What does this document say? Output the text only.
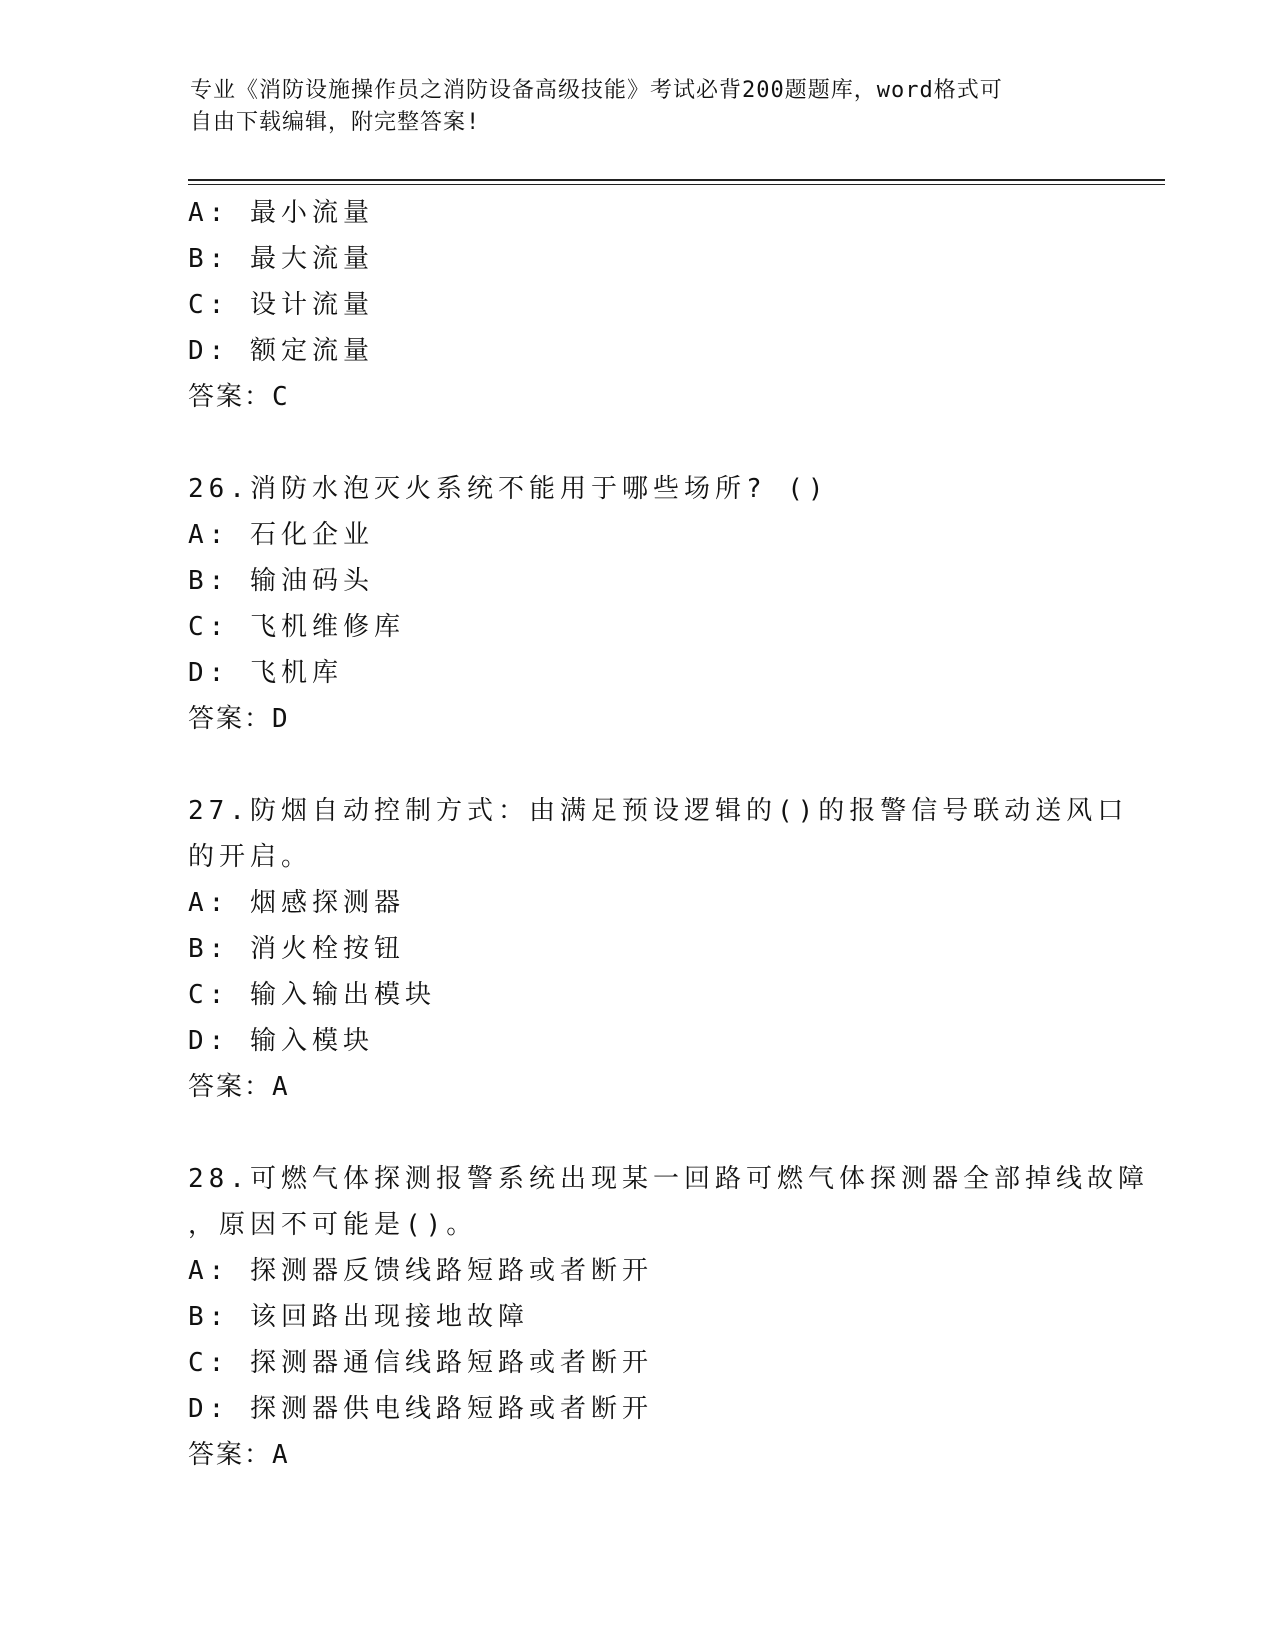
专业《消防设施操作员之消防设备高级技能》考试必背200题题库，word格式可
自由下载编辑，附完整答案!
A: 最小流量
B: 最大流量
C: 设计流量
D: 额定流量
答案：C
26.消防水泡灭火系统不能用于哪些场所? ()
A: 石化企业
B: 输油码头
C: 飞机维修库
D: 飞机库
答案：D
27.防烟自动控制方式：由满足预设逻辑的()的报警信号联动送风口
的开启。
A: 烟感探测器
B: 消火栓按钮
C: 输入输出模块
D: 输入模块
答案：A
28.可燃气体探测报警系统出现某一回路可燃气体探测器全部掉线故障
，原因不可能是()。
A: 探测器反馈线路短路或者断开
B: 该回路出现接地故障
C: 探测器通信线路短路或者断开
D: 探测器供电线路短路或者断开
答案：A
